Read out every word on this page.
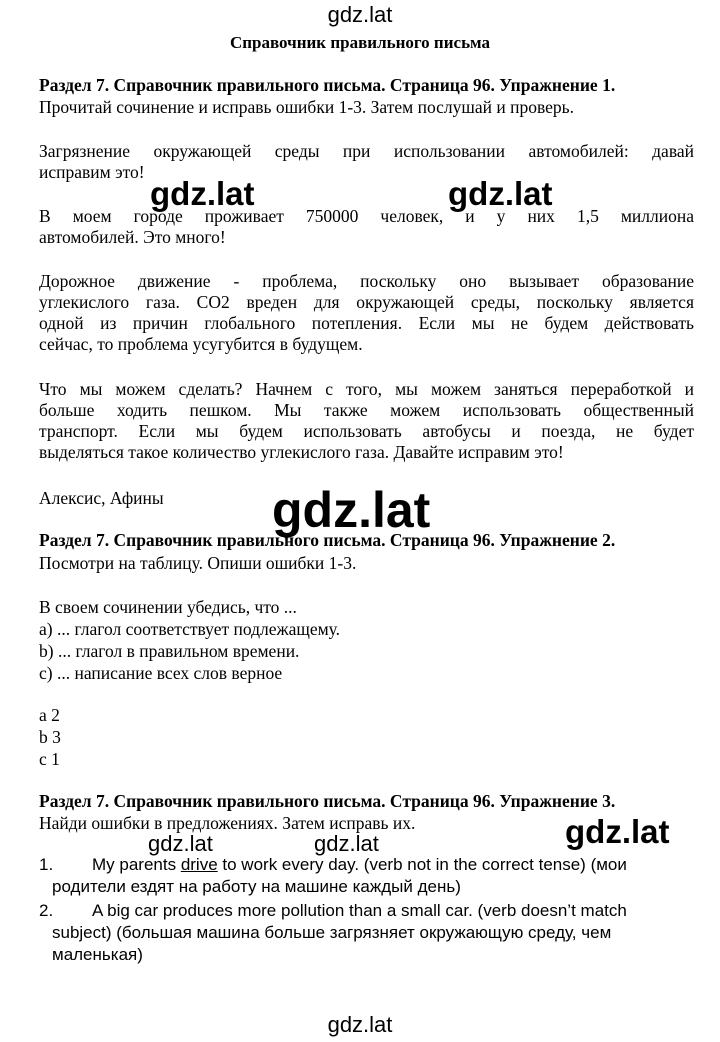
gdz.lat
Справочник правильного письма
Раздел 7. Справочник правильного письма. Страница 96. Упражнение 1.
Прочитай сочинение и исправь ошибки 1-3. Затем послушай и проверь.
Загрязнение окружающей среды при использовании автомобилей: давай
исправим это!
В моем городе проживает 750000 человек, и у них 1,5 миллиона
автомобилей. Это много!
Дорожное движение - проблема, поскольку оно вызывает образование
углекислого газа. CO2 вреден для окружающей среды, поскольку является
одной из причин глобального потепления. Если мы не будем действовать
сейчас, то проблема усугубится в будущем.
Что мы можем сделать? Начнем с того, мы можем заняться переработкой и
больше ходить пешком. Мы также можем использовать общественный
транспорт. Если мы будем использовать автобусы и поезда, не будет
выделяться такое количество углекислого газа. Давайте исправим это!
Алексис, Афины
Раздел 7. Справочник правильного письма. Страница 96. Упражнение 2.
Посмотри на таблицу. Опиши ошибки 1-3.
В своем сочинении убедись, что ...
a) ... глагол соответствует подлежащему.
b) ... глагол в правильном времени.
c) ... написание всех слов верное
a 2
b 3
c 1
Раздел 7. Справочник правильного письма. Страница 96. Упражнение 3.
Найди ошибки в предложениях. Затем исправь их.
1. My parents drive to work every day. (verb not in the correct tense) (мои
родители ездят на работу на машине каждый день)
2. A big car produces more pollution than a small car. (verb doesn’t match
subject) (большая машина больше загрязняет окружающую среду, чем
маленькая)
gdz.lat	gdz.lat
gdz.lat
gdz.lat	gdz.lat	gdz.lat
gdz.lat
